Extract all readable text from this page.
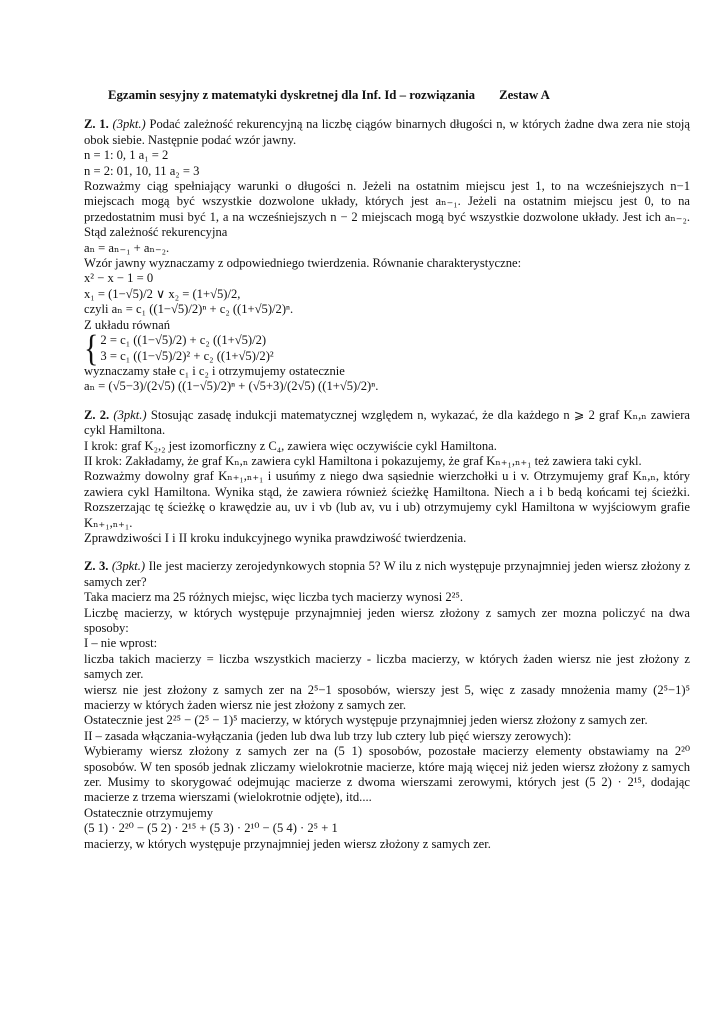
Egzamin sesyjny z matematyki dyskretnej dla Inf. Id – rozwiązania Zestaw A

Z. 1. (3pkt.) Podać zależność rekurencyjną na liczbę ciągów binarnych długości n, w których żadne dwa zera nie stoją obok siebie. Następnie podać wzór jawny.

n = 1: 0, 1 a₁ = 2

n = 2: 01, 10, 11 a₂ = 3

Rozważmy ciąg spełniający warunki o długości n. Jeżeli na ostatnim miejscu jest 1, to na wcześniejszych n−1 miejscach mogą być wszystkie dozwolone układy, których jest aₙ₋₁. Jeżeli na ostatnim miejscu jest 0, to na przedostatnim musi być 1, a na wcześniejszych n − 2 miejscach mogą być wszystkie dozwolone układy. Jest ich aₙ₋₂. Stąd zależność rekurencyjna

aₙ = aₙ₋₁ + aₙ₋₂.

Wzór jawny wyznaczamy z odpowiedniego twierdzenia. Równanie charakterystyczne:

x² − x − 1 = 0

x₁ = (1−√5)/2 ∨ x₂ = (1+√5)/2,

czyli aₙ = c₁ ((1−√5)/2)ⁿ + c₂ ((1+√5)/2)ⁿ.

Z układu równań

{ 2 = c₁ ((1−√5)/2) + c₂ ((1+√5)/2)

3 = c₁ ((1−√5)/2)² + c₂ ((1+√5)/2)²

wyznaczamy stałe c₁ i c₂ i otrzymujemy ostatecznie

aₙ = (√5−3)/(2√5) ((1−√5)/2)ⁿ + (√5+3)/(2√5) ((1+√5)/2)ⁿ.

Z. 2. (3pkt.) Stosując zasadę indukcji matematycznej względem n, wykazać, że dla każdego n ⩾ 2 graf Kₙ,ₙ zawiera cykl Hamiltona.

I krok: graf K₂,₂ jest izomorficzny z C₄, zawiera więc oczywiście cykl Hamiltona.

II krok: Zakładamy, że graf Kₙ,ₙ zawiera cykl Hamiltona i pokazujemy, że graf Kₙ₊₁,ₙ₊₁ też zawiera taki cykl.

Rozważmy dowolny graf Kₙ₊₁,ₙ₊₁ i usuńmy z niego dwa sąsiednie wierzchołki u i v. Otrzymujemy graf Kₙ,ₙ, który zawiera cykl Hamiltona. Wynika stąd, że zawiera również ścieżkę Hamiltona. Niech a i b bedą końcami tej ścieżki. Rozszerzając tę ścieżkę o krawędzie au, uv i vb (lub av, vu i ub) otrzymujemy cykl Hamiltona w wyjściowym grafie Kₙ₊₁,ₙ₊₁.

Zprawdziwości I i II kroku indukcyjnego wynika prawdziwość twierdzenia.

Z. 3. (3pkt.) Ile jest macierzy zerojedynkowych stopnia 5? W ilu z nich występuje przynajmniej jeden wiersz złożony z samych zer?

Taka macierz ma 25 różnych miejsc, więc liczba tych macierzy wynosi 2²⁵.

Liczbę macierzy, w których występuje przynajmniej jeden wiersz złożony z samych zer mozna policzyć na dwa sposoby:

I – nie wprost:

liczba takich macierzy = liczba wszystkich macierzy - liczba macierzy, w których żaden wiersz nie jest złożony z samych zer.

wiersz nie jest złożony z samych zer na 2⁵−1 sposobów, wierszy jest 5, więc z zasady mnożenia mamy (2⁵−1)⁵ macierzy w których żaden wiersz nie jest złożony z samych zer.

Ostatecznie jest 2²⁵ − (2⁵ − 1)⁵ macierzy, w których występuje przynajmniej jeden wiersz złożony z samych zer.

II – zasada włączania-wyłączania (jeden lub dwa lub trzy lub cztery lub pięć wierszy zerowych):

Wybieramy wiersz złożony z samych zer na (5 1) sposobów, pozostałe macierzy elementy obstawiamy na 2²⁰ sposobów. W ten sposób jednak zliczamy wielokrotnie macierze, które mają więcej niż jeden wiersz złożony z samych zer. Musimy to skorygować odejmując macierze z dwoma wierszami zerowymi, których jest (5 2) · 2¹⁵, dodając macierze z trzema wierszami (wielokrotnie odjęte), itd....

Ostatecznie otrzymujemy

(5 1) · 2²⁰ − (5 2) · 2¹⁵ + (5 3) · 2¹⁰ − (5 4) · 2⁵ + 1

macierzy, w których występuje przynajmniej jeden wiersz złożony z samych zer.
